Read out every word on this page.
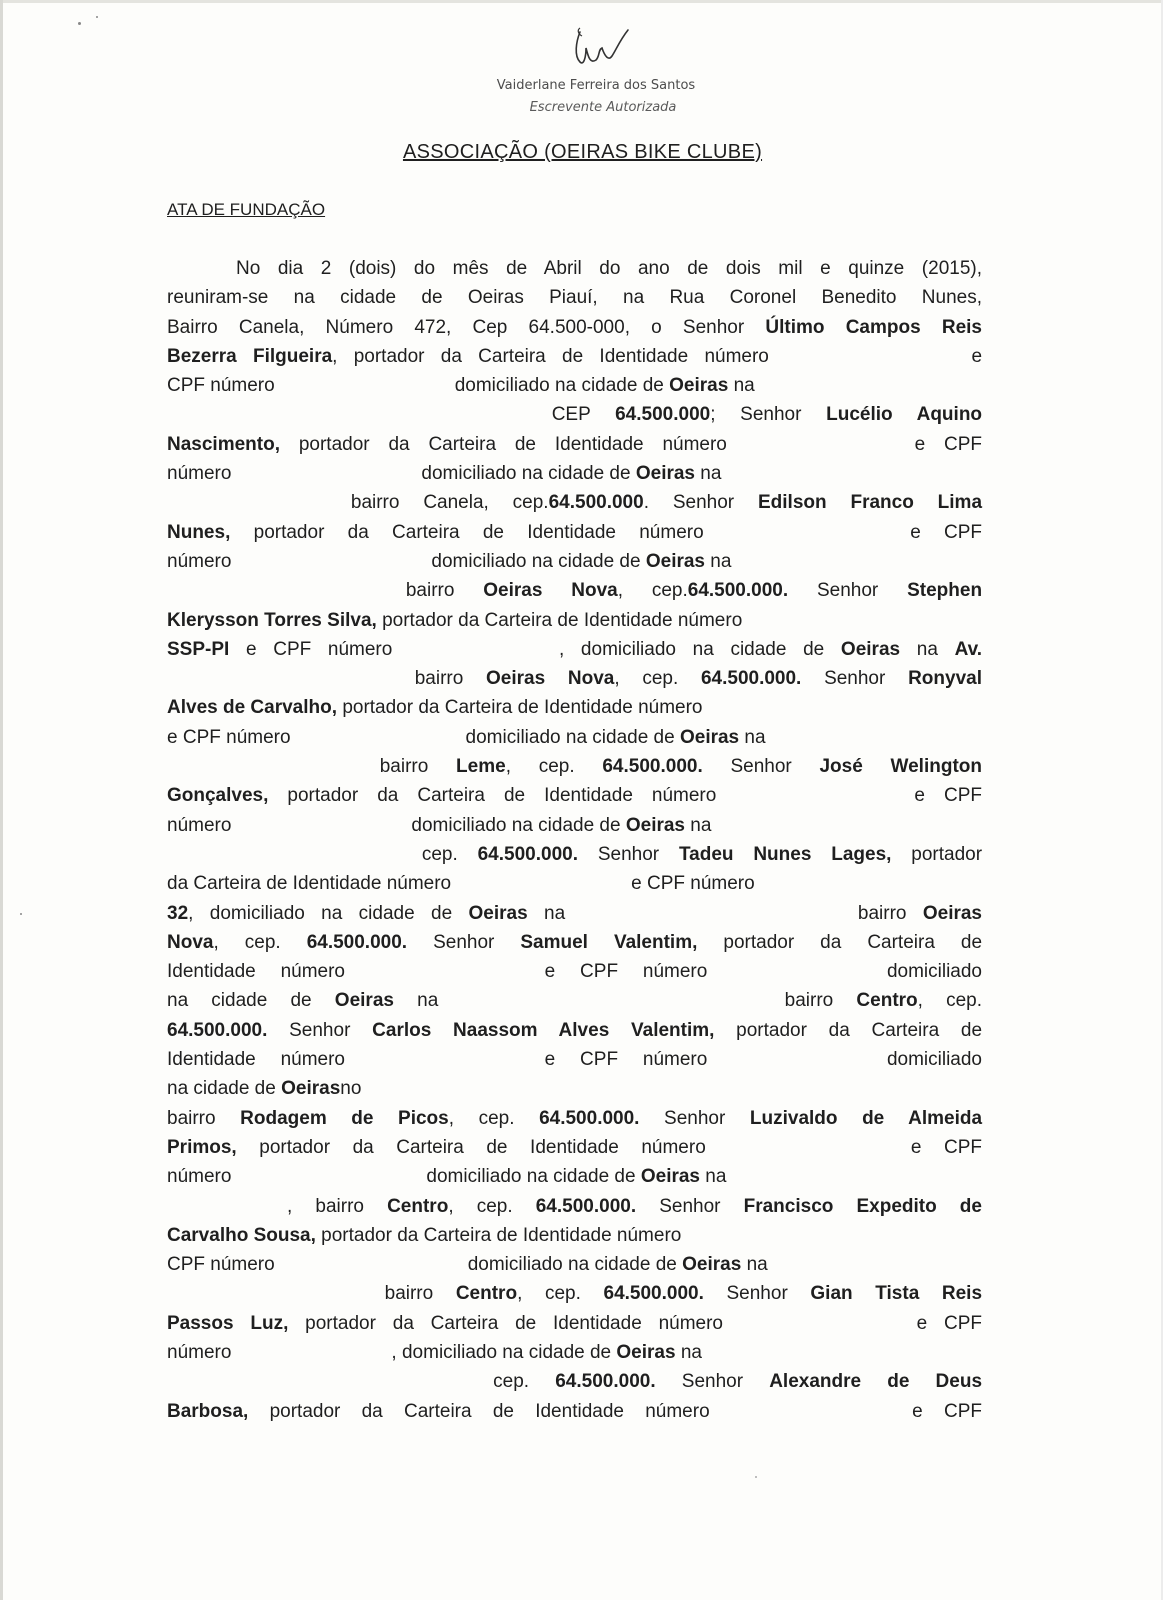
Vaiderlane Ferreira dos Santos
Escrevente Autorizada
ASSOCIAÇÃO (OEIRAS BIKE CLUBE)
ATA DE FUNDAÇÃO
No dia 2 (dois) do mês de Abril do ano de dois mil e quinze (2015),
reuniram-se na cidade de Oeiras Piauí, na Rua Coronel Benedito Nunes,
Bairro Canela, Número 472, Cep 64.500-000, o Senhor Último Campos Reis
Bezerra Filgueira, portador da Carteira de Identidade número	e
CPF número	domiciliado na cidade de Oeiras na
CEP 64.500.000; Senhor Lucélio Aquino
Nascimento, portador da Carteira de Identidade número	e CPF
número	domiciliado na cidade de Oeiras na
bairro Canela, cep.64.500.000. Senhor Edilson Franco Lima
Nunes, portador da Carteira de Identidade número	e CPF
número	domiciliado na cidade de Oeiras na
bairro Oeiras Nova, cep.64.500.000. Senhor Stephen
Klerysson Torres Silva, portador da Carteira de Identidade número
SSP-PI e CPF número	, domiciliado na cidade de Oeiras na Av.
bairro Oeiras Nova, cep. 64.500.000. Senhor Ronyval
Alves de Carvalho, portador da Carteira de Identidade número
e CPF número	domiciliado na cidade de Oeiras na
bairro Leme, cep. 64.500.000. Senhor José Welington
Gonçalves, portador da Carteira de Identidade número	e CPF
número	domiciliado na cidade de Oeiras na
cep. 64.500.000. Senhor Tadeu Nunes Lages, portador
da Carteira de Identidade número	e CPF número
32, domiciliado na cidade de Oeiras na	bairro Oeiras
Nova, cep. 64.500.000. Senhor Samuel Valentim, portador da Carteira de
Identidade número	e CPF número	domiciliado
na cidade de Oeiras na	bairro Centro, cep.
64.500.000. Senhor Carlos Naassom Alves Valentim, portador da Carteira de
Identidade número	e CPF número	domiciliado
na cidade de Oeirasno
bairro Rodagem de Picos, cep. 64.500.000. Senhor Luzivaldo de Almeida
Primos, portador da Carteira de Identidade número	e CPF
número	domiciliado na cidade de Oeiras na
, bairro Centro, cep. 64.500.000. Senhor Francisco Expedito de
Carvalho Sousa, portador da Carteira de Identidade número
CPF número	domiciliado na cidade de Oeiras na
bairro Centro, cep. 64.500.000. Senhor Gian Tista Reis
Passos Luz, portador da Carteira de Identidade número	e CPF
número	, domiciliado na cidade de Oeiras na
cep. 64.500.000. Senhor Alexandre de Deus
Barbosa, portador da Carteira de Identidade número	e CPF
